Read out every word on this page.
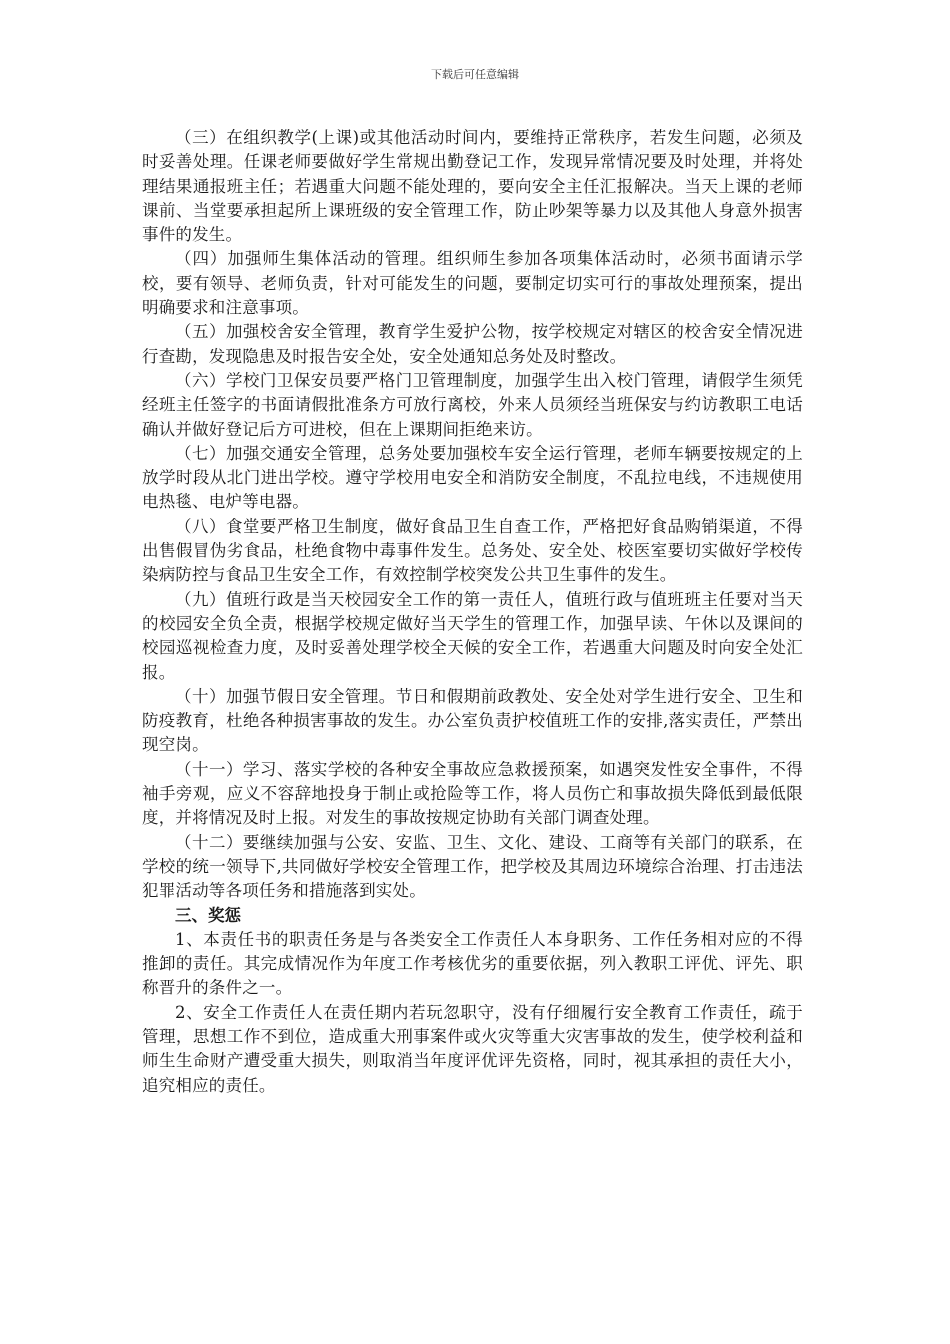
下载后可任意编辑

（三）在组织教学(上课)或其他活动时间内，要维持正常秩序，若发生问题，必须及时妥善处理。任课老师要做好学生常规出勤登记工作，发现异常情况要及时处理，并将处理结果通报班主任；若遇重大问题不能处理的，要向安全主任汇报解决。当天上课的老师课前、当堂要承担起所上课班级的安全管理工作，防止吵架等暴力以及其他人身意外损害事件的发生。

（四）加强师生集体活动的管理。组织师生参加各项集体活动时，必须书面请示学校，要有领导、老师负责，针对可能发生的问题，要制定切实可行的事故处理预案，提出明确要求和注意事项。

（五）加强校舍安全管理，教育学生爱护公物，按学校规定对辖区的校舍安全情况进行查勘，发现隐患及时报告安全处，安全处通知总务处及时整改。

（六）学校门卫保安员要严格门卫管理制度，加强学生出入校门管理，请假学生须凭经班主任签字的书面请假批准条方可放行离校，外来人员须经当班保安与约访教职工电话确认并做好登记后方可进校，但在上课期间拒绝来访。

（七）加强交通安全管理，总务处要加强校车安全运行管理，老师车辆要按规定的上放学时段从北门进出学校。遵守学校用电安全和消防安全制度，不乱拉电线，不违规使用电热毯、电炉等电器。

（八）食堂要严格卫生制度，做好食品卫生自查工作，严格把好食品购销渠道，不得出售假冒伪劣食品，杜绝食物中毒事件发生。总务处、安全处、校医室要切实做好学校传染病防控与食品卫生安全工作，有效控制学校突发公共卫生事件的发生。

（九）值班行政是当天校园安全工作的第一责任人，值班行政与值班班主任要对当天的校园安全负全责，根据学校规定做好当天学生的管理工作，加强早读、午休以及课间的校园巡视检查力度，及时妥善处理学校全天候的安全工作，若遇重大问题及时向安全处汇报。

（十）加强节假日安全管理。节日和假期前政教处、安全处对学生进行安全、卫生和防疫教育，杜绝各种损害事故的发生。办公室负责护校值班工作的安排,落实责任，严禁出现空岗。

（十一）学习、落实学校的各种安全事故应急救援预案，如遇突发性安全事件，不得袖手旁观，应义不容辞地投身于制止或抢险等工作，将人员伤亡和事故损失降低到最低限度，并将情况及时上报。对发生的事故按规定协助有关部门调查处理。

（十二）要继续加强与公安、安监、卫生、文化、建设、工商等有关部门的联系，在学校的统一领导下,共同做好学校安全管理工作，把学校及其周边环境综合治理、打击违法犯罪活动等各项任务和措施落到实处。

三、奖惩

1、本责任书的职责任务是与各类安全工作责任人本身职务、工作任务相对应的不得推卸的责任。其完成情况作为年度工作考核优劣的重要依据，列入教职工评优、评先、职称晋升的条件之一。

2、安全工作责任人在责任期内若玩忽职守，没有仔细履行安全教育工作责任，疏于管理，思想工作不到位，造成重大刑事案件或火灾等重大灾害事故的发生，使学校利益和师生生命财产遭受重大损失，则取消当年度评优评先资格，同时，视其承担的责任大小，追究相应的责任。
